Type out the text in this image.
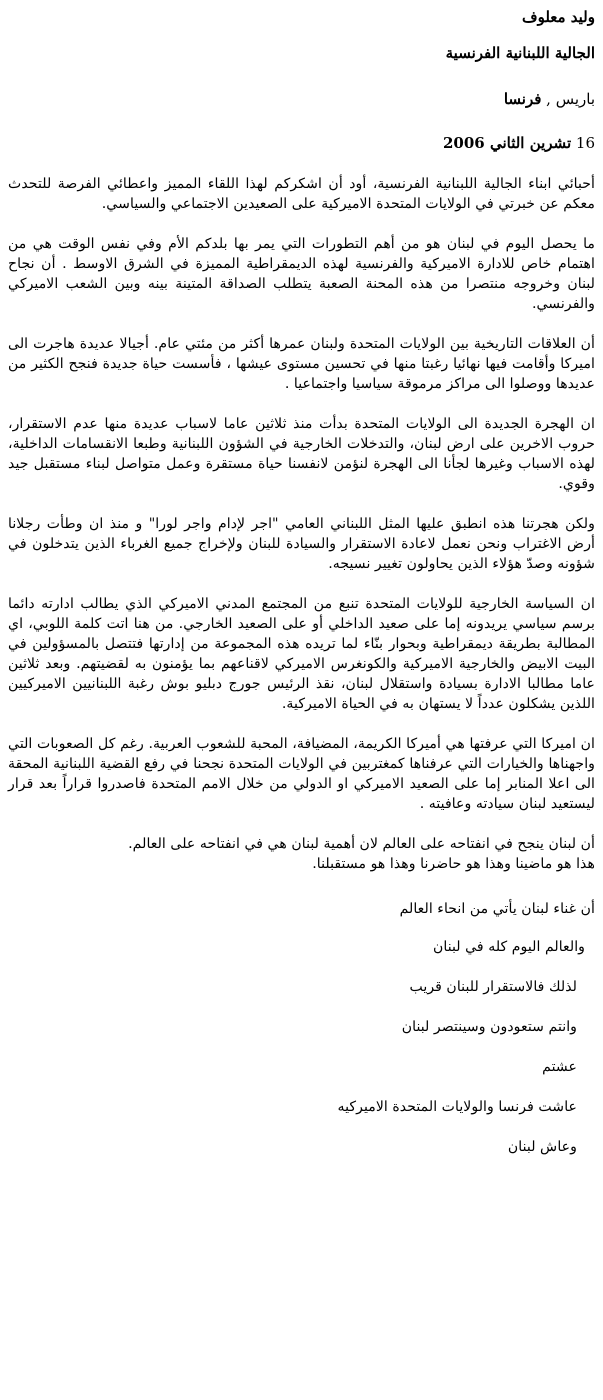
وليد معلوف

الجالية اللبنانية الفرنسية

باريس , فرنسا

16 تشرين الثاني 2006

أحبائي ابناء الجالية اللبنانية الفرنسية، أود أن اشكركم لهذا اللقاء المميز واعطائي الفرصة للتحدث معكم عن خبرتي في الولايات المتحدة الاميركية على الصعيدين الاجتماعي والسياسي.

ما يحصل اليوم في لبنان هو من أهم التطورات التي يمر بها بلدكم الأم وفي نفس الوقت هي من اهتمام خاص للادارة الاميركية والفرنسية لهذه الديمقراطية المميزة في الشرق الاوسط . أن نجاح لبنان وخروجه منتصرا من هذه المحنة الصعبة يتطلب الصداقة المتينة بينه وبين الشعب الاميركي والفرنسي.

أن العلاقات التاريخية بين الولايات المتحدة ولبنان عمرها أكثر من مئتي عام. أجيالا عديدة هاجرت الى اميركا وأقامت فيها نهائيا رغبتا منها في تحسين مستوى عيشها ، فأسست حياة جديدة فنجح الكثير من عديدها ووصلوا الى مراكز مرموقة سياسيا واجتماعيا .

ان الهجرة الجديدة الى الولايات المتحدة بدأت منذ ثلاثين عاما لاسباب عديدة منها عدم الاستقرار، حروب الاخرين على ارض لبنان، والتدخلات الخارجية في الشؤون اللبنانية وطبعا الانقسامات الداخلية، لهذه الاسباب وغيرها لجأنا الى الهجرة لنؤمن لانفسنا حياة مستقرة وعمل متواصل لبناء مستقبل جيد وقوي.

ولكن هجرتنا هذه انطبق عليها المثل اللبناني العامي "اجر لإدام واجر لورا" و منذ ان وطأت رجلانا أرض الاغتراب ونحن نعمل لاعادة الاستقرار والسيادة للبنان ولإخراج جميع الغرباء الذين يتدخلون في شؤونه وصدّ هؤلاء الذين يحاولون تغيير نسيجه.

ان السياسة الخارجية للولايات المتحدة تنبع من المجتمع المدني الاميركي الذي يطالب ادارته دائما برسم سياسي يريدونه إما على صعيد الداخلي أو على الصعيد الخارجي. من هنا اتت كلمة اللوبي، اي المطالبة بطريقة ديمقراطية وبحوار بنّاء لما تريده هذه المجموعة من إدارتها فتتصل بالمسؤولين في البيت الابيض والخارجية الاميركية والكونغرس الاميركي لاقناعهم بما يؤمنون به لقضيتهم. وبعد ثلاثين عاما مطالبا الادارة بسيادة واستقلال لبنان، نقذ الرئيس جورج دبليو بوش رغبة اللبنانيين الاميركيين اللذين يشكلون عدداً لا يستهان به في الحياة الاميركية.

ان اميركا التي عرفتها هي أميركا الكريمة، المضيافة، المحبة للشعوب العربية. رغم كل الصعوبات التي واجهناها والخيارات التي عرفناها كمغتربين في الولايات المتحدة نجحنا في رفع القضية اللبنانية المحقة الى اعلا المنابر إما على الصعيد الاميركي او الدولي من خلال الامم المتحدة فاصدروا قراراً بعد قرار ليستعيد لبنان سيادته وعافيته .

أن لبنان ينجح في انفتاحه على العالم لان أهمية لبنان هي في انفتاحه على العالم.
هذا هو ماضينا وهذا هو حاضرنا وهذا هو مستقبلنا.

أن غناء لبنان يأتي من انحاء العالم

والعالم اليوم كله في لبنان

لذلك فالاستقرار للبنان قريب

وانتم ستعودون وسينتصر لبنان

عشتم

عاشت فرنسا والولايات المتحدة الاميركيه

وعاش لبنان
